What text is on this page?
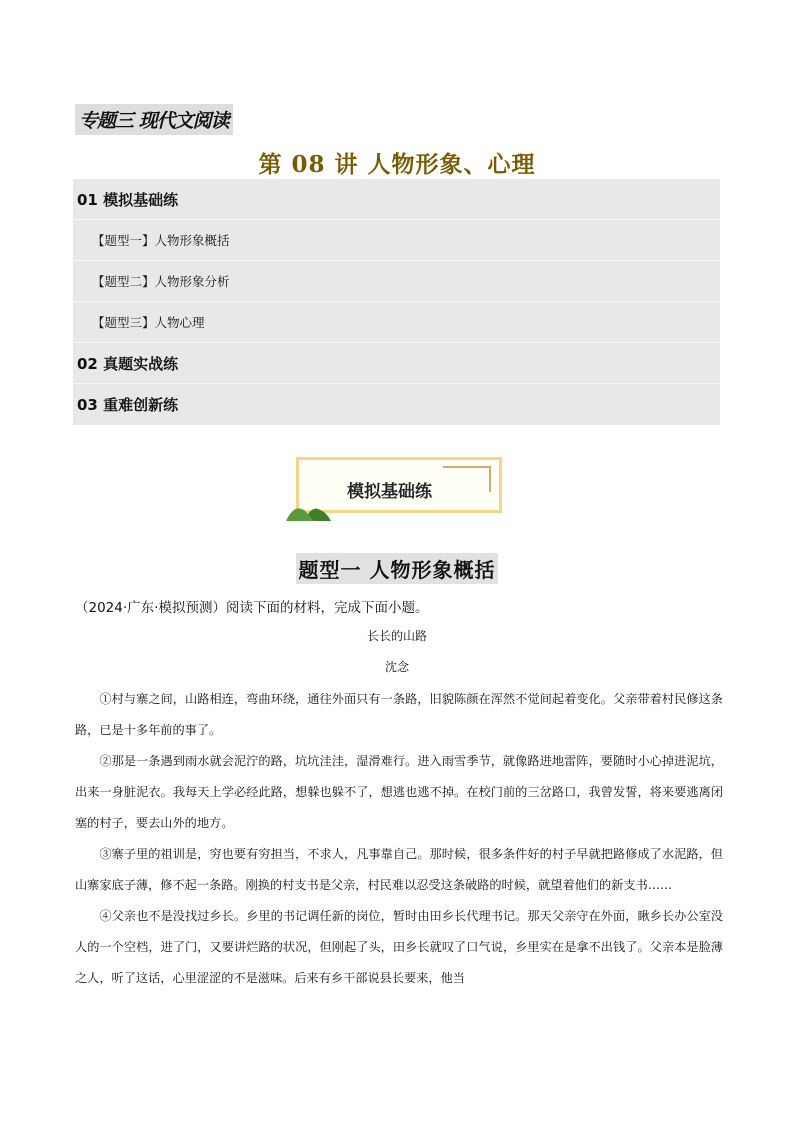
专题三 现代文阅读
第 08 讲 人物形象、心理
01 模拟基础练
【题型一】人物形象概括
【题型二】人物形象分析
【题型三】人物心理
02 真题实战练
03 重难创新练
模拟基础练
题型一 人物形象概括
（2024·广东·模拟预测）阅读下面的材料，完成下面小题。
长长的山路
沈念

①村与寨之间，山路相连，弯曲环绕，通往外面只有一条路，旧貌陈颜在浑然不觉间起着变化。父亲带着村民修这条路，已是十多年前的事了。

②那是一条遇到雨水就会泥泞的路，坑坑洼洼，湿滑难行。进入雨雪季节，就像路进地雷阵，要随时小心掉进泥坑，出来一身脏泥衣。我每天上学必经此路，想躲也躲不了，想逃也逃不掉。在校门前的三岔路口，我曾发誓，将来要逃离闭塞的村子，要去山外的地方。

③寨子里的祖训是，穷也要有穷担当，不求人，凡事靠自己。那时候，很多条件好的村子早就把路修成了水泥路，但山寨家底子薄，修不起一条路。刚换的村支书是父亲，村民难以忍受这条破路的时候，就望着他们的新支书……

④父亲也不是没找过乡长。乡里的书记调任新的岗位，暂时由田乡长代理书记。那天父亲守在外面，瞅乡长办公室没人的一个空档，进了门，又要讲烂路的状况，但刚起了头，田乡长就叹了口气说，乡里实在是拿不出钱了。父亲本是脸薄之人，听了这话，心里涩涩的不是滋味。后来有乡干部说县长要来，他当
